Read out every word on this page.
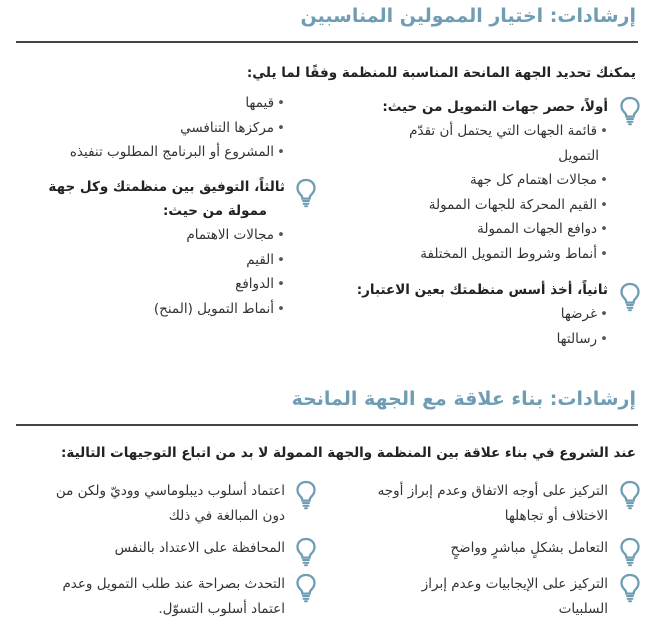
إرشادات: اختيار الممولين المناسبين
يمكنك تحديد الجهة المانحة المناسبة للمنظمة وفقًا لما يلي:
أولاً، حصر جهات التمويل من حيث:
•قائمة الجهات التي يحتمل أن تقدّم
التمويل
•مجالات اهتمام كل جهة
•القيم المحركة للجهات الممولة
•دوافع الجهات الممولة
•أنماط وشروط التمويل المختلفة
ثانياً، أخذ أسس منظمتك بعين الاعتبار:
•غرضها
•رسالتها
•قيمها
•مركزها التنافسي
•المشروع أو البرنامج المطلوب تنفيذه
ثالثاً، التوفيق بين منظمتك وكل جهة
ممولة من حيث:
•مجالات الاهتمام
•القيم
•الدوافع
•أنماط التمويل (المنح)
إرشادات: بناء علاقة مع الجهة المانحة
عند الشروع في بناء علاقة بين المنظمة والجهة الممولة لا بد من اتباع التوجيهات التالية:
التركيز على أوجه الاتفاق وعدم إبراز أوجه
الاختلاف أو تجاهلها
التعامل بشكلٍ مباشرٍ وواضحٍ
التركيز على الإيجابيات وعدم إبراز
السلبيات
اعتماد أسلوب ديبلوماسي ووديّ ولكن من
دون المبالغة في ذلك
المحافظة على الاعتداد بالنفس
التحدث بصراحة عند طلب التمويل وعدم
اعتماد أسلوب التسوّل.
